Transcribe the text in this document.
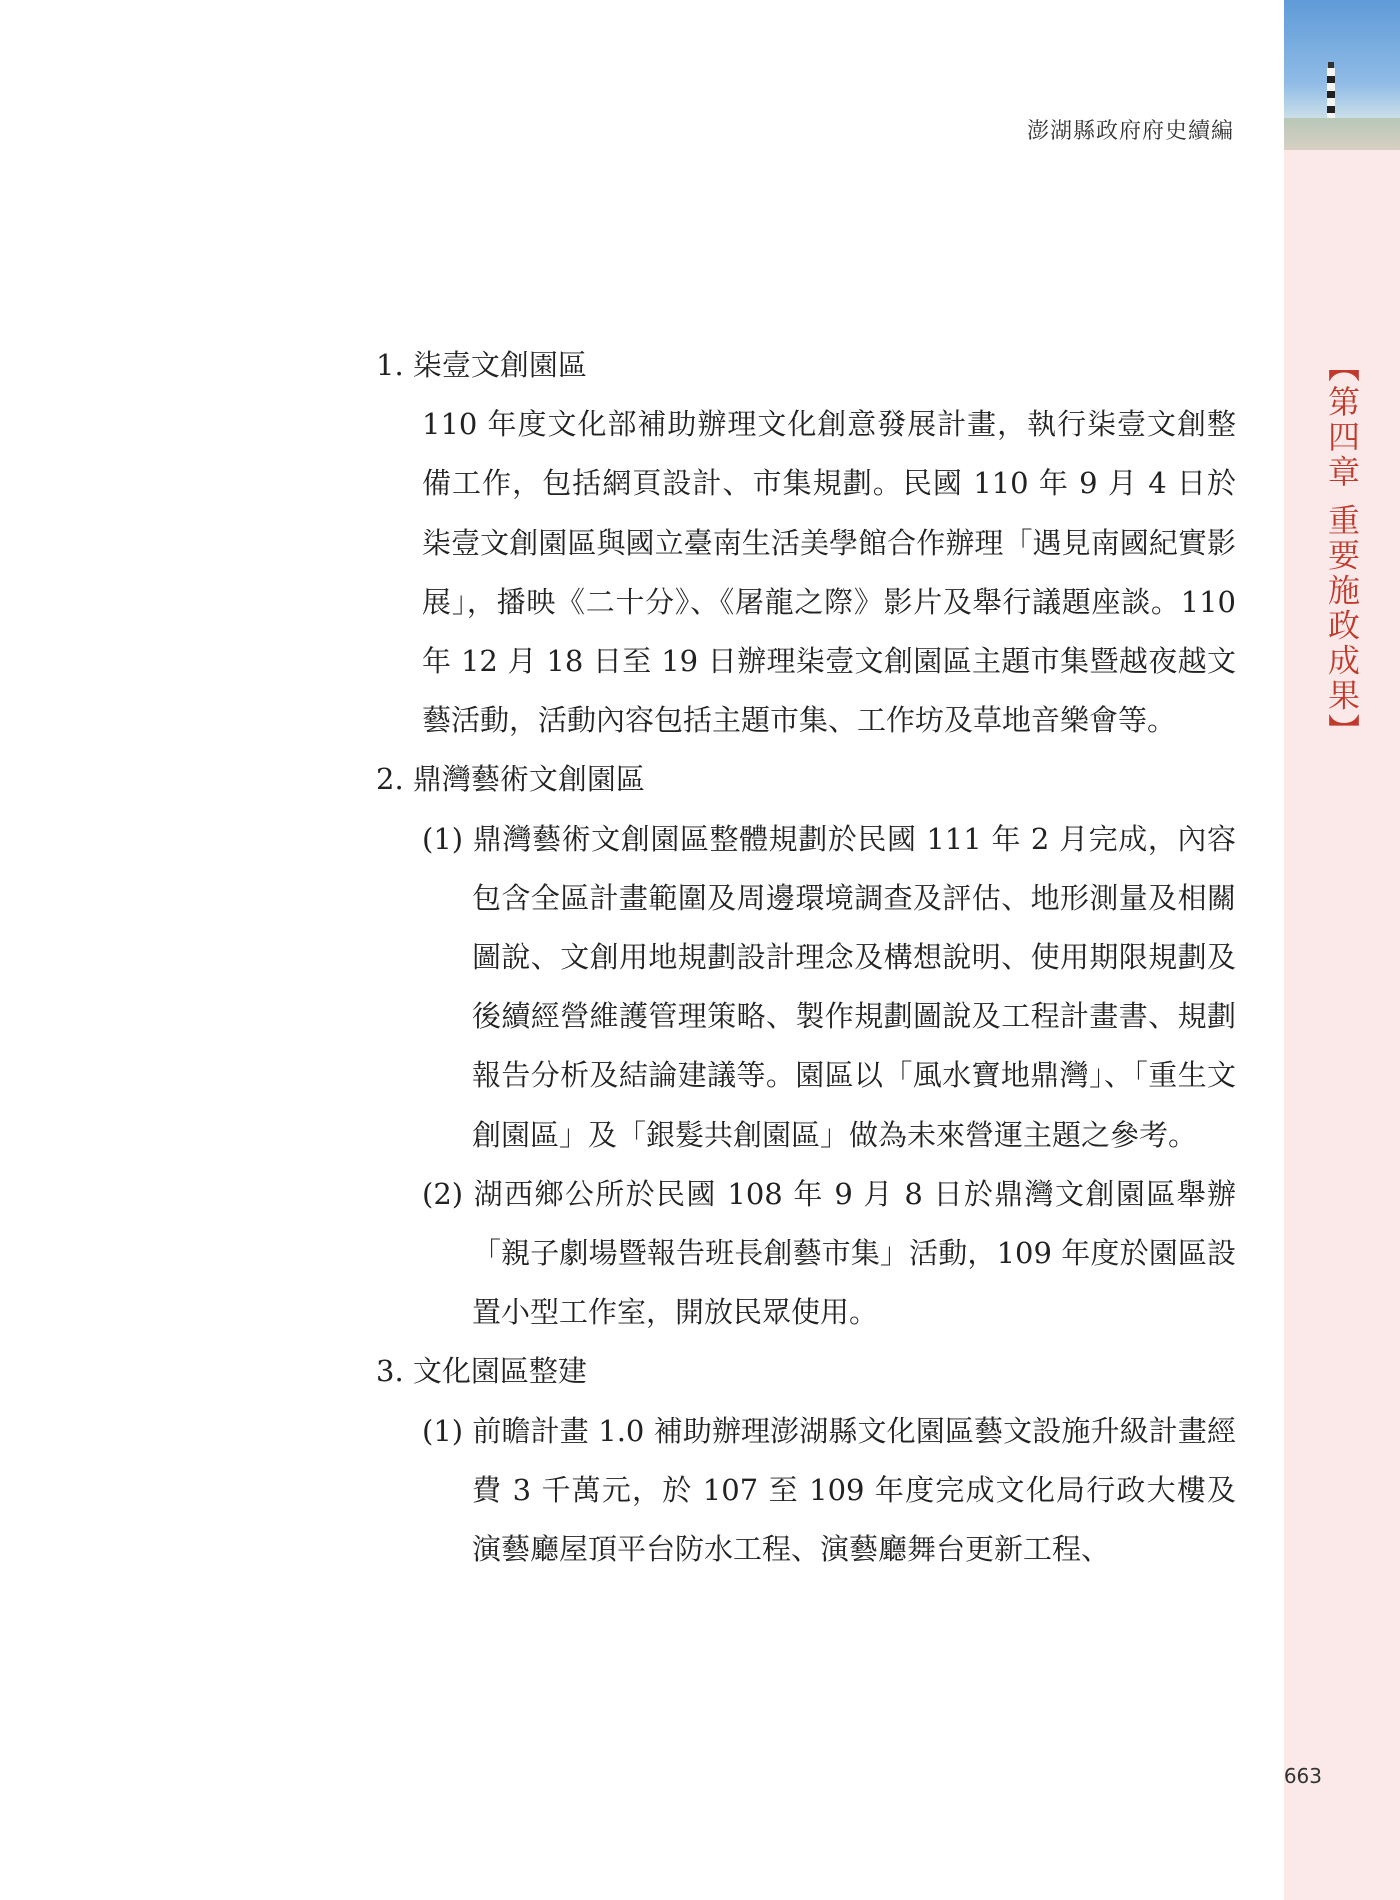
澎湖縣政府府史續編
【第四章 重要施政成果】

1. 柒壹文創園區

110 年度文化部補助辦理文化創意發展計畫，執行柒壹文創整備工作，包括網頁設計、市集規劃。民國 110 年 9 月 4 日於柒壹文創園區與國立臺南生活美學館合作辦理「遇見南國紀實影展」，播映《二十分》、《屠龍之際》影片及舉行議題座談。110 年 12 月 18 日至 19 日辦理柒壹文創園區主題市集暨越夜越文藝活動，活動內容包括主題市集、工作坊及草地音樂會等。

2. 鼎灣藝術文創園區

(1) 鼎灣藝術文創園區整體規劃於民國 111 年 2 月完成，內容包含全區計畫範圍及周邊環境調查及評估、地形測量及相關圖說、文創用地規劃設計理念及構想說明、使用期限規劃及後續經營維護管理策略、製作規劃圖說及工程計畫書、規劃報告分析及結論建議等。園區以「風水寶地鼎灣」、「重生文創園區」及「銀髮共創園區」做為未來營運主題之參考。

(2) 湖西鄉公所於民國 108 年 9 月 8 日於鼎灣文創園區舉辦「親子劇場暨報告班長創藝市集」活動，109 年度於園區設置小型工作室，開放民眾使用。

3. 文化園區整建

(1) 前瞻計畫 1.0 補助辦理澎湖縣文化園區藝文設施升級計畫經費 3 千萬元，於 107 至 109 年度完成文化局行政大樓及演藝廳屋頂平台防水工程、演藝廳舞台更新工程、

663
